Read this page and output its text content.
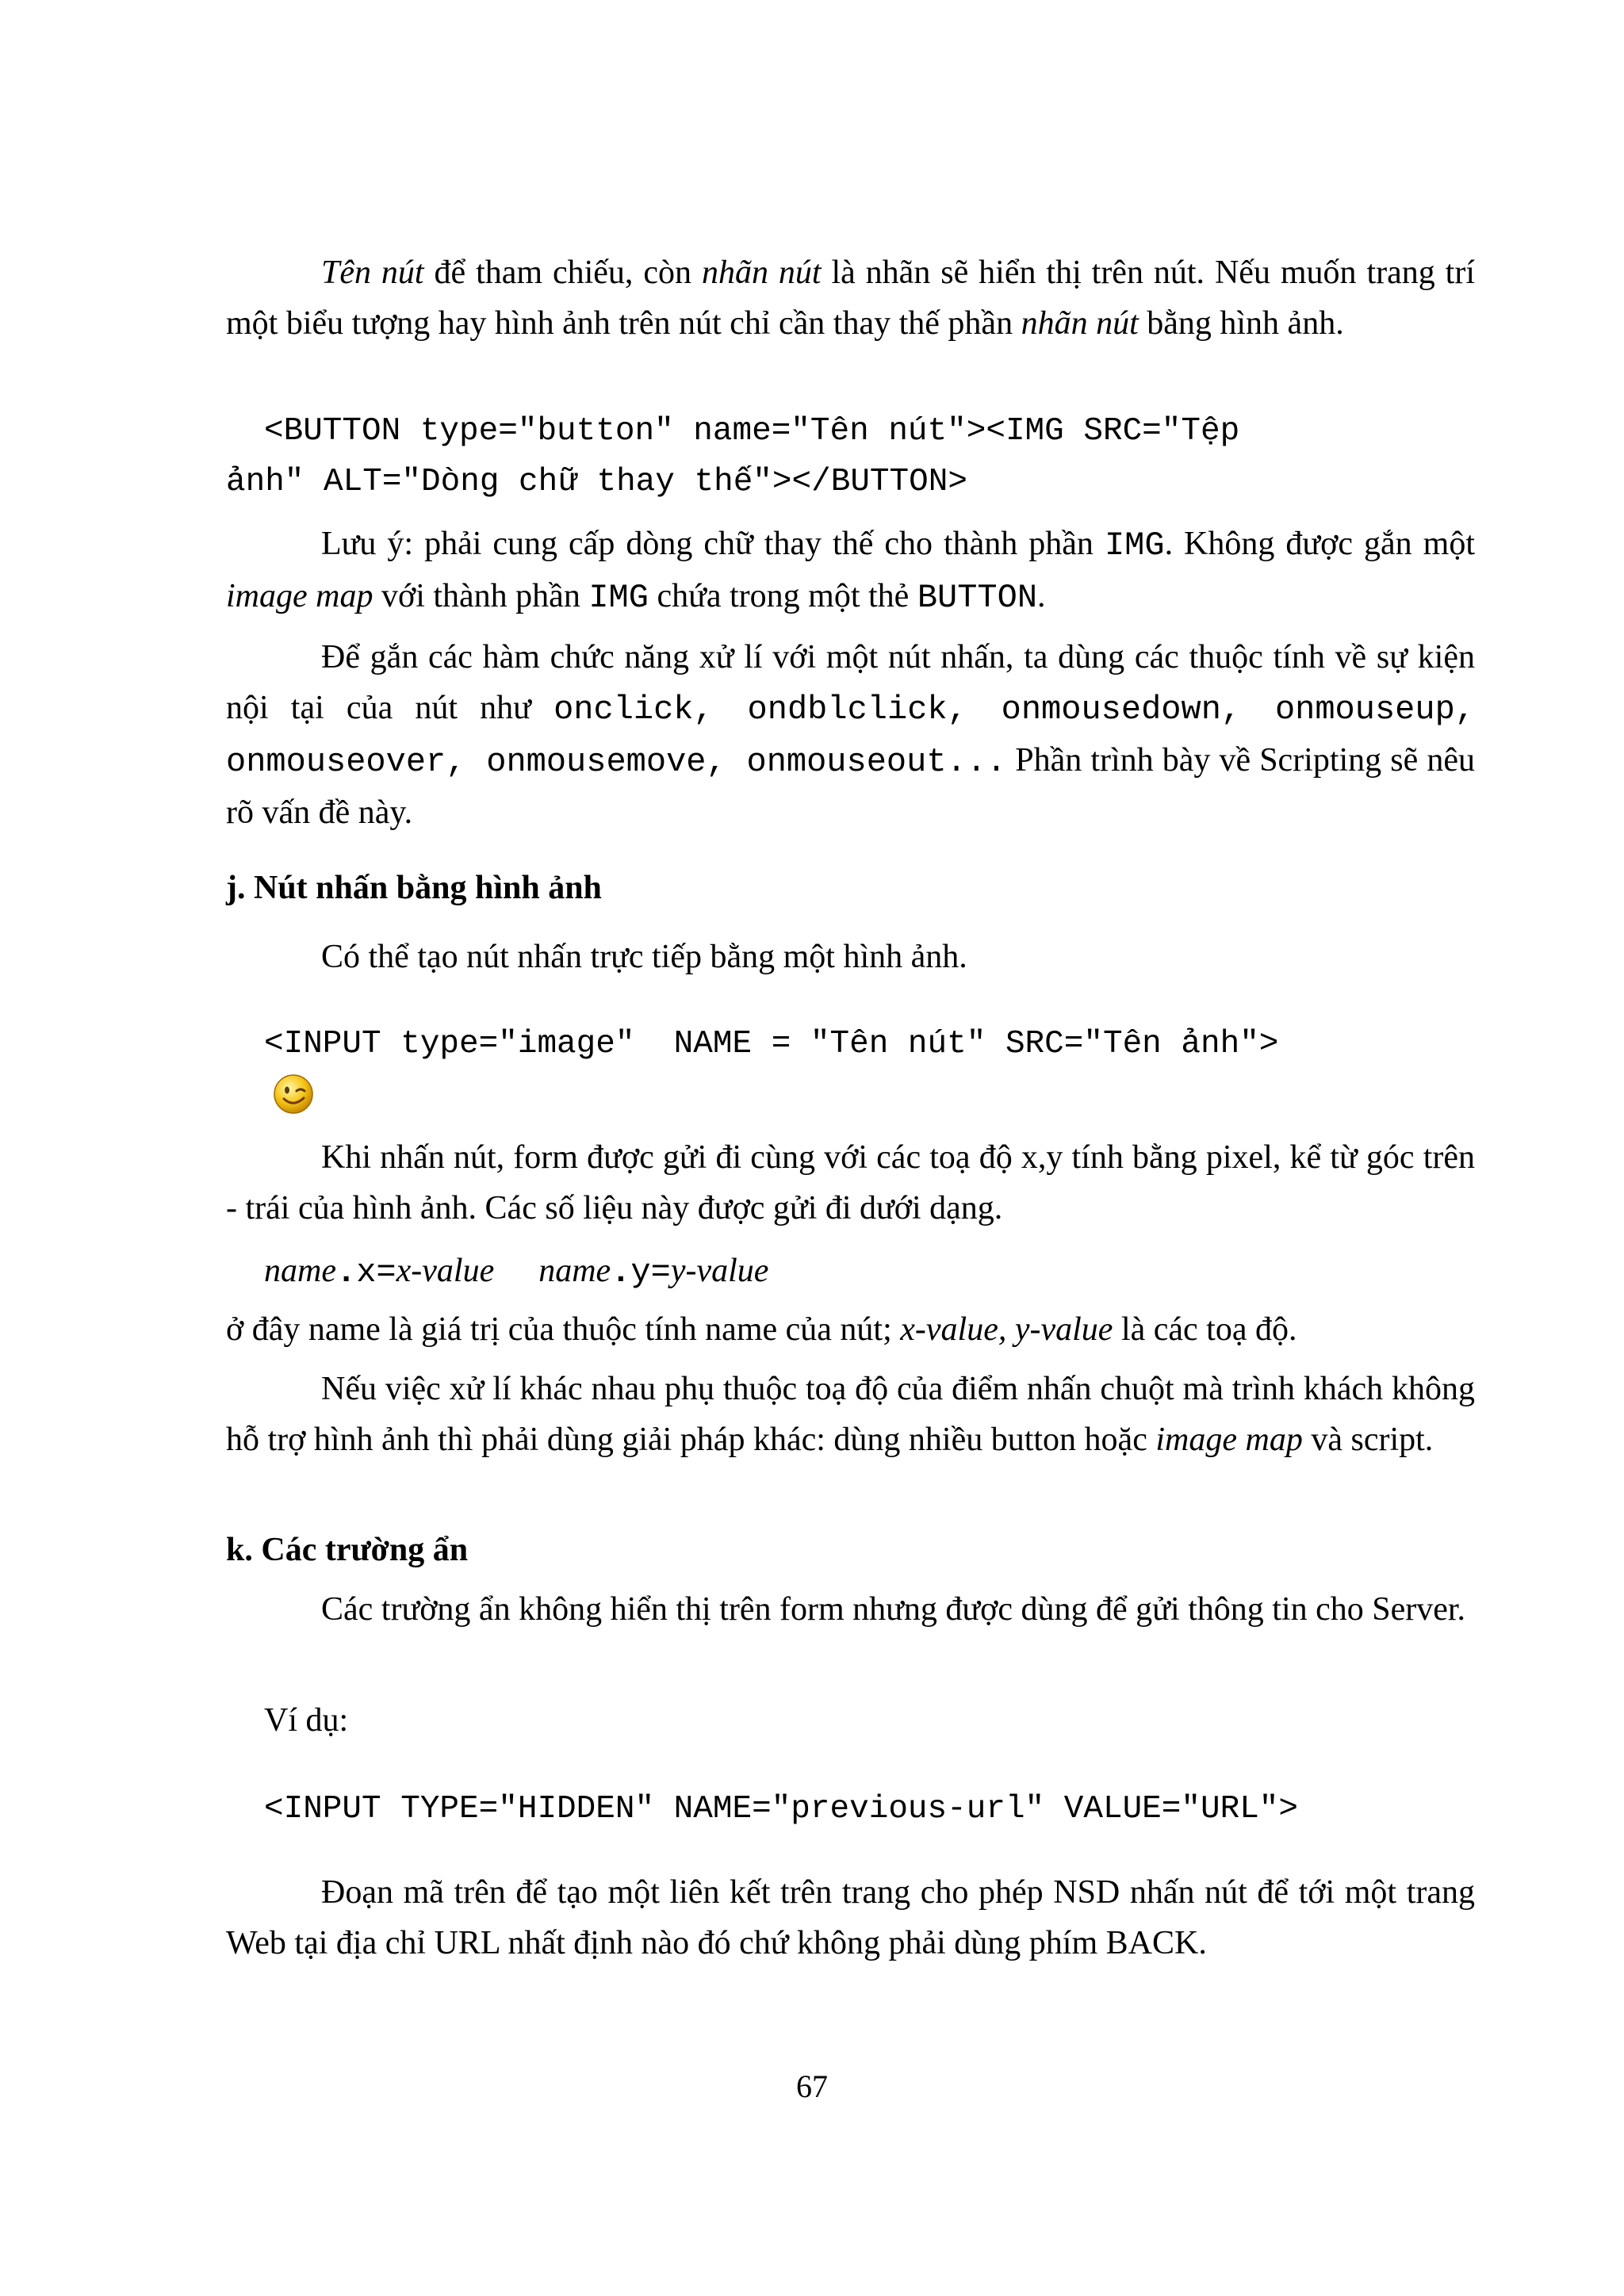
Tên nút để tham chiếu, còn nhãn nút là nhãn sẽ hiển thị trên nút. Nếu muốn trang trí một biểu tượng hay hình ảnh trên nút chỉ cần thay thế phần nhãn nút bằng hình ảnh.
<BUTTON type="button" name="Tên nút"><IMG SRC="Tệp
ảnh" ALT="Dòng chữ thay thế"></BUTTON>
Lưu ý: phải cung cấp dòng chữ thay thế cho thành phần IMG. Không được gắn một image map với thành phần IMG chứa trong một thẻ BUTTON.
Để gắn các hàm chức năng xử lí với một nút nhấn, ta dùng các thuộc tính về sự kiện nội tại của nút như onclick, ondblclick, onmousedown, onmouseup, onmouseover, onmousemove, onmouseout... Phần trình bày về Scripting sẽ nêu rõ vấn đề này.
j. Nút nhấn bằng hình ảnh
Có thể tạo nút nhấn trực tiếp bằng một hình ảnh.
<INPUT type="image"  NAME = "Tên nút" SRC="Tên ảnh">
Khi nhấn nút, form được gửi đi cùng với các toạ độ x,y tính bằng pixel, kể từ góc trên - trái của hình ảnh. Các số liệu này được gửi đi dưới dạng.
name.x=x-value name.y=y-value
ở đây name là giá trị của thuộc tính name của nút; x-value, y-value là các toạ độ.
Nếu việc xử lí khác nhau phụ thuộc toạ độ của điểm nhấn chuột mà trình khách không hỗ trợ hình ảnh thì phải dùng giải pháp khác: dùng nhiều button hoặc image map và script.
k. Các trường ẩn
Các trường ẩn không hiển thị trên form nhưng được dùng để gửi thông tin cho Server.
Ví dụ:
<INPUT TYPE="HIDDEN" NAME="previous-url" VALUE="URL">
Đoạn mã trên để tạo một liên kết trên trang cho phép NSD nhấn nút để tới một trang Web tại địa chỉ URL nhất định nào đó chứ không phải dùng phím BACK.
67
